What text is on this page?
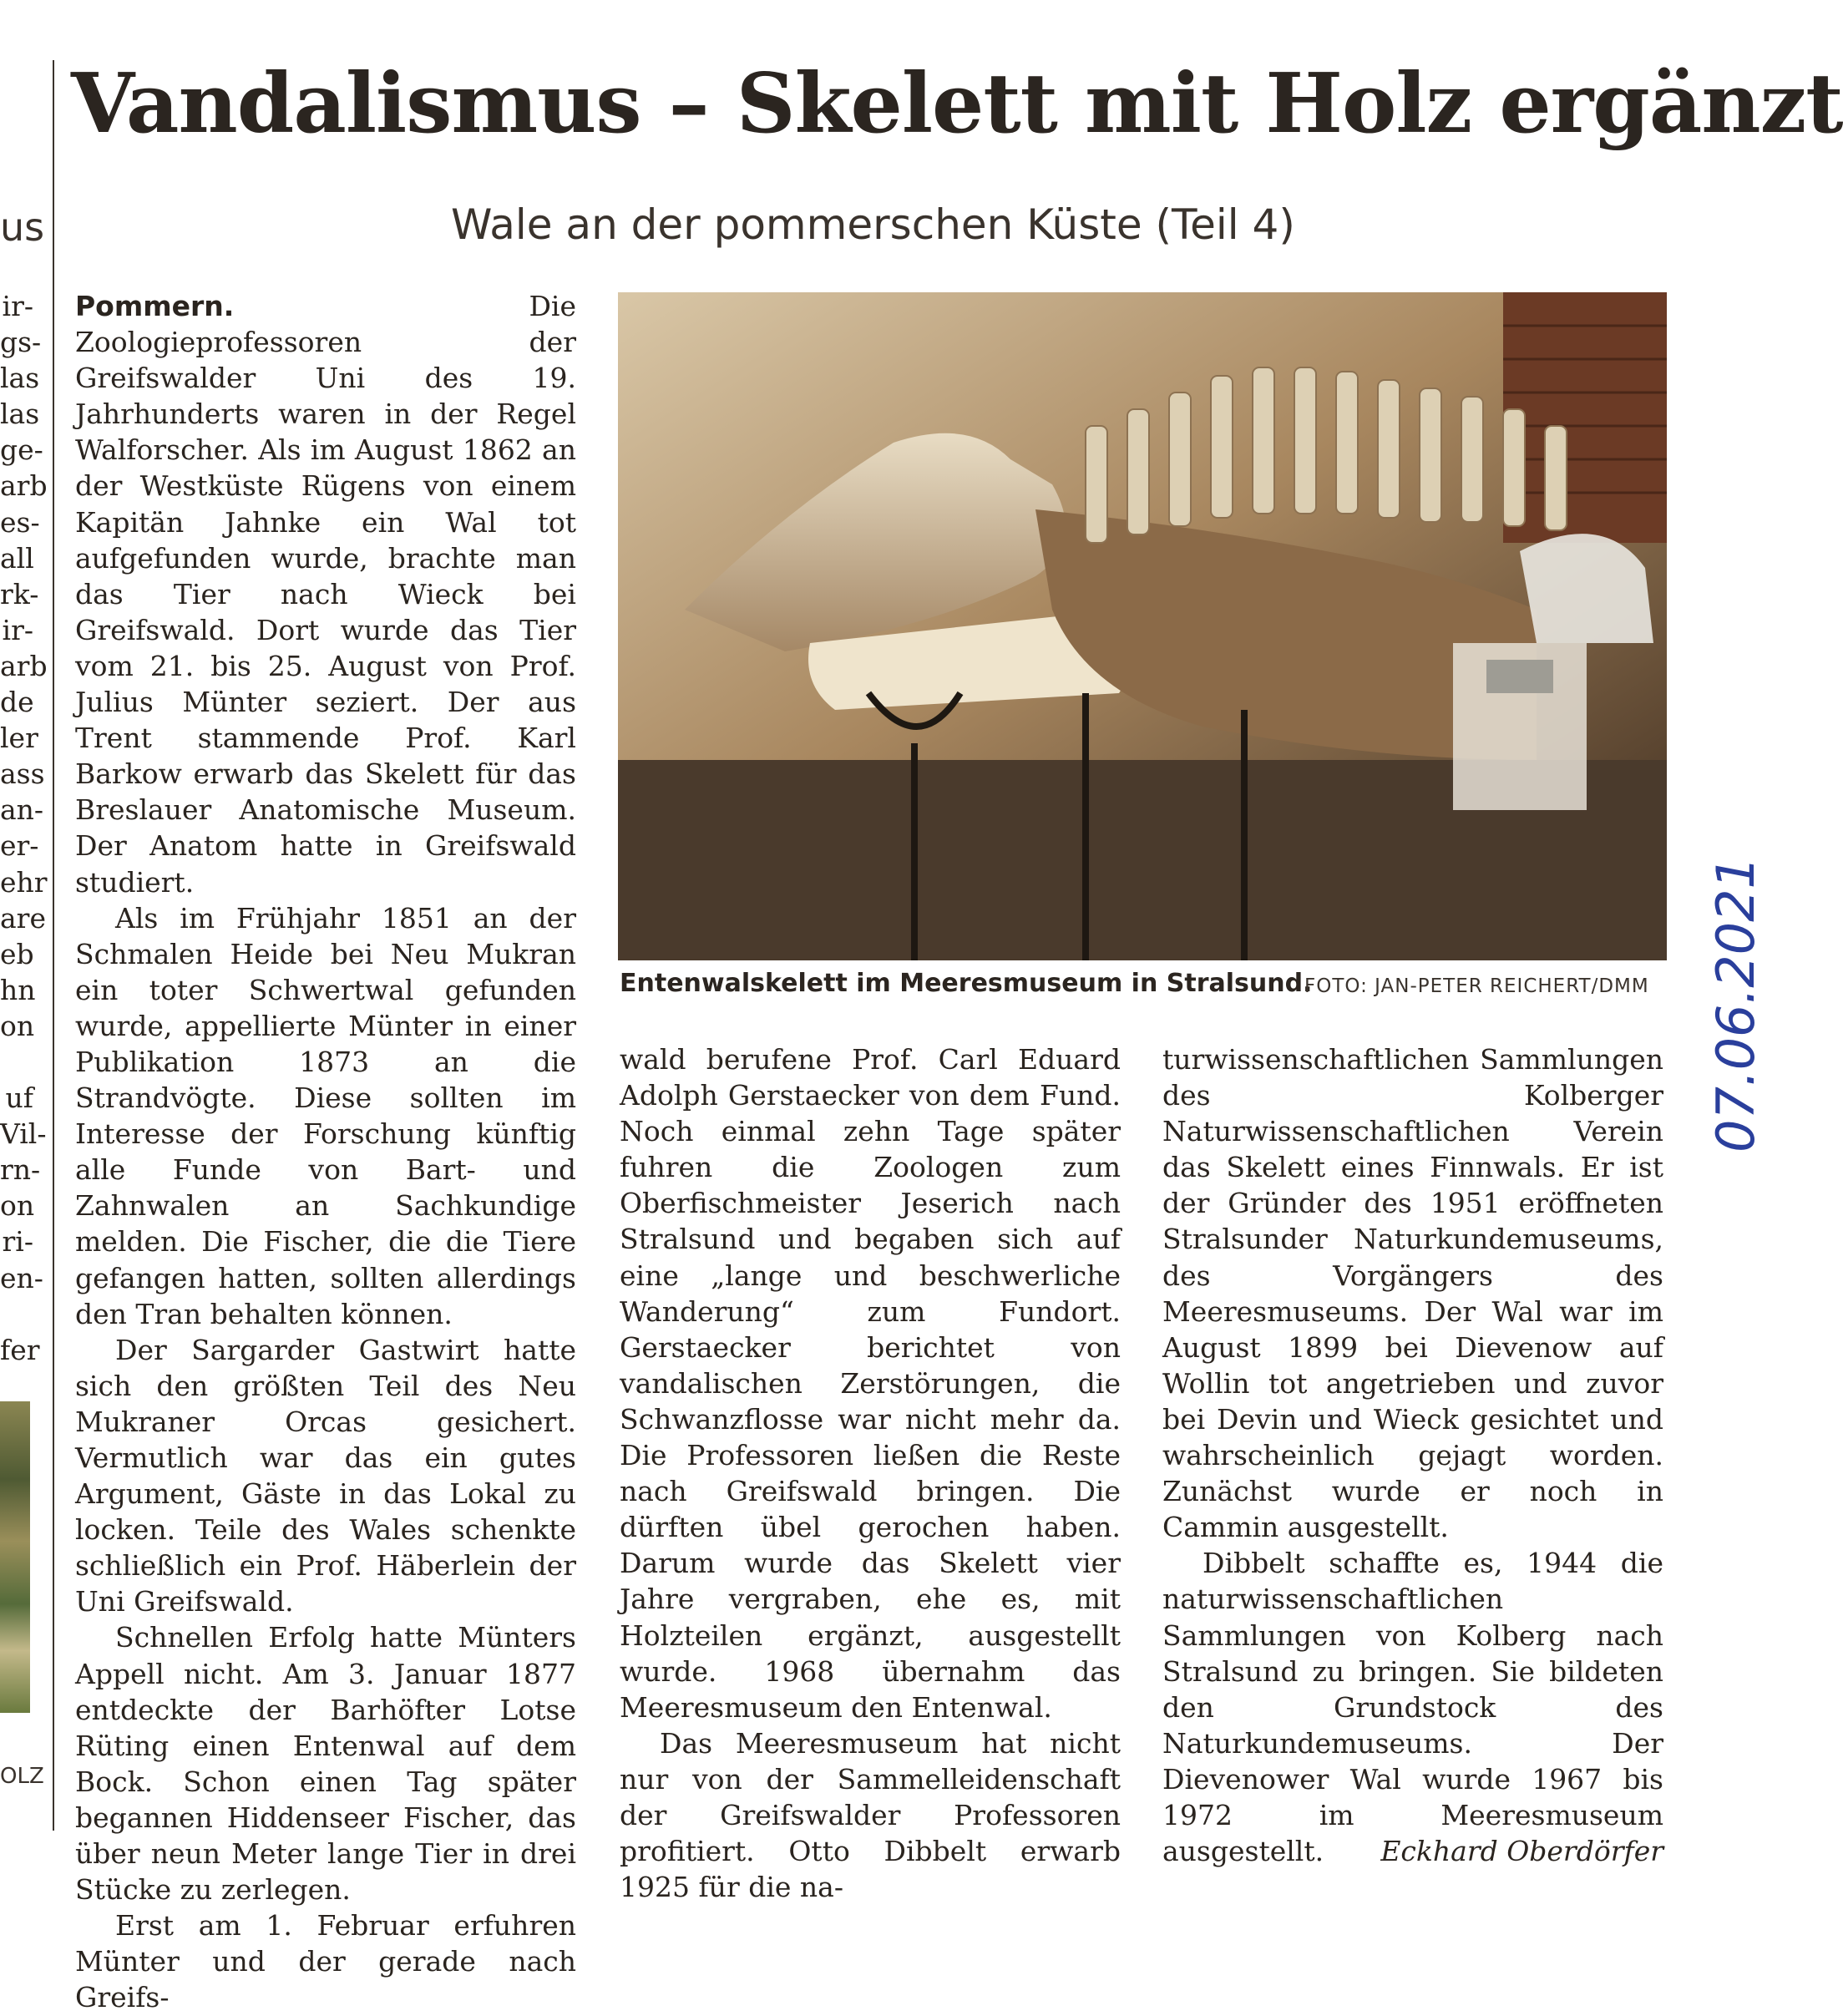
us
ir-
gs-
las
las
ge-
arb
es-
all
rk-
ir-
arb
de
ler
ass
an-
er-
ehr
are
eb
hn
on

uf
Vil-
rn-
on
ri-
en-

fer
OLZ
Vandalismus – Skelett mit Holz ergänzt
Wale an der pommerschen Küste (Teil 4)

Pommern. Die Zoologieprofessoren der Greifswalder Uni des 19. Jahrhunderts waren in der Regel Walforscher. Als im August 1862 an der Westküste Rügens von einem Kapitän Jahnke ein Wal tot aufgefunden wurde, brachte man das Tier nach Wieck bei Greifswald. Dort wurde das Tier vom 21. bis 25. August von Prof. Julius Münter seziert. Der aus Trent stammende Prof. Karl Barkow erwarb das Skelett für das Breslauer Anatomische Museum. Der Anatom hatte in Greifswald studiert.

Als im Frühjahr 1851 an der Schmalen Heide bei Neu Mukran ein toter Schwertwal gefunden wurde, appellierte Münter in einer Publikation 1873 an die Strandvögte. Diese sollten im Interesse der Forschung künftig alle Funde von Bart- und Zahnwalen an Sachkundige melden. Die Fischer, die die Tiere gefangen hatten, sollten allerdings den Tran behalten können.

Der Sargarder Gastwirt hatte sich den größten Teil des Neu Mukraner Orcas gesichert. Vermutlich war das ein gutes Argument, Gäste in das Lokal zu locken. Teile des Wales schenkte schließlich ein Prof. Häberlein der Uni Greifswald.

Schnellen Erfolg hatte Münters Appell nicht. Am 3. Januar 1877 entdeckte der Barhöfter Lotse Rüting einen Entenwal auf dem Bock. Schon einen Tag später begannen Hiddenseer Fischer, das über neun Meter lange Tier in drei Stücke zu zerlegen.

Erst am 1. Februar erfuhren Münter und der gerade nach Greifs-

Entenwalskelett im Meeresmuseum in Stralsund.
FOTO: JAN-PETER REICHERT/DMM 07.06.2021

wald berufene Prof. Carl Eduard Adolph Gerstaecker von dem Fund. Noch einmal zehn Tage später fuhren die Zoologen zum Oberfischmeister Jeserich nach Stralsund und begaben sich auf eine „lange und beschwerliche Wanderung“ zum Fundort. Gerstaecker berichtet von vandalischen Zerstörungen, die Schwanzflosse war nicht mehr da. Die Professoren ließen die Reste nach Greifswald bringen. Die dürften übel gerochen haben. Darum wurde das Skelett vier Jahre vergraben, ehe es, mit Holzteilen ergänzt, ausgestellt wurde. 1968 übernahm das Meeresmuseum den Entenwal.

Das Meeresmuseum hat nicht nur von der Sammelleidenschaft der Greifswalder Professoren profitiert. Otto Dibbelt erwarb 1925 für die na-

turwissenschaftlichen Sammlungen des Kolberger Naturwissenschaftlichen Verein das Skelett eines Finnwals. Er ist der Gründer des 1951 eröffneten Stralsunder Naturkundemuseums, des Vorgängers des Meeresmuseums. Der Wal war im August 1899 bei Dievenow auf Wollin tot angetrieben und zuvor bei Devin und Wieck gesichtet und wahrscheinlich gejagt worden. Zunächst wurde er noch in Cammin ausgestellt.

Dibbelt schaffte es, 1944 die naturwissenschaftlichen Sammlungen von Kolberg nach Stralsund zu bringen. Sie bildeten den Grundstock des Naturkundemuseums. Der Dievenower Wal wurde 1967 bis 1972 im Meeresmuseum ausgestellt.	Eckhard Oberdörfer
